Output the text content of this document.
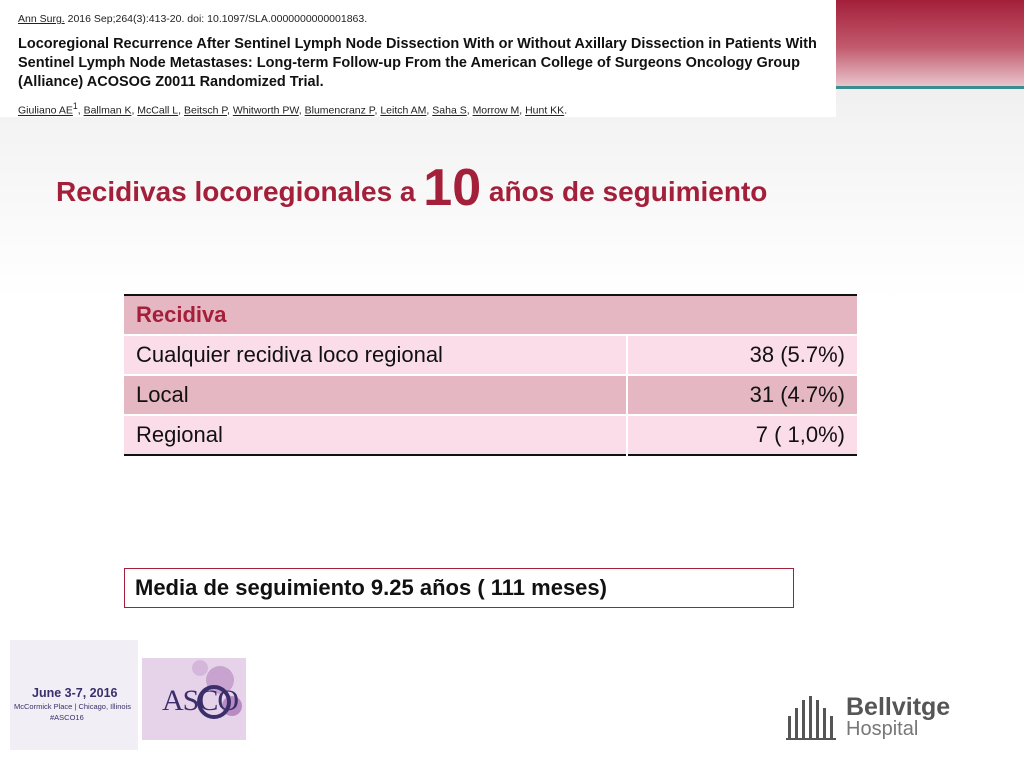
Ann Surg. 2016 Sep;264(3):413-20. doi: 10.1097/SLA.0000000000001863.
Locoregional Recurrence After Sentinel Lymph Node Dissection With or Without Axillary Dissection in Patients With Sentinel Lymph Node Metastases: Long-term Follow-up From the American College of Surgeons Oncology Group (Alliance) ACOSOG Z0011 Randomized Trial.
Giuliano $AE^1$, Ballman K, McCall L, Beitsch P, Whitworth PW, Blumencranz P, Leitch AM, Saha S, Morrow M, Hunt KK.
Recidivas locoregionales a 10 años de seguimiento
Recidiva	
Cualquier recidiva loco regional	38 (5.7%)
Local	31 (4.7%)
Regional	7 ( 1,0%)
Media de seguimiento 9.25 años ( 111 meses)
June 3-7, 2016
McCormick Place | Chicago, Illinois
#ASCO16
ASCO	Bellvitge
Hospital
